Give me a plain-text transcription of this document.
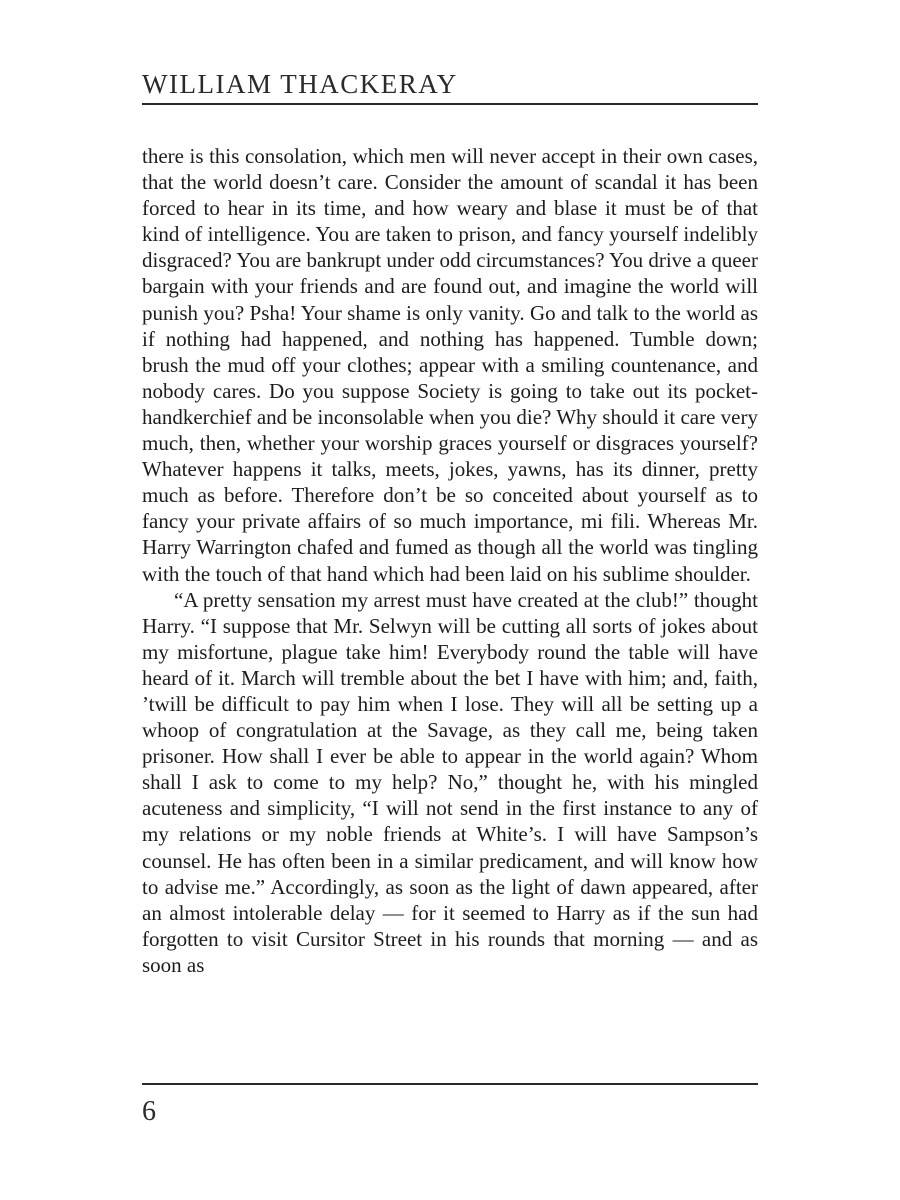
WILLIAM THACKERAY

there is this consolation, which men will never accept in their own cases, that the world doesn’t care. Consider the amount of scandal it has been forced to hear in its time, and how weary and blase it must be of that kind of intelligence. You are taken to prison, and fancy yourself indelibly disgraced? You are bankrupt under odd circumstances? You drive a queer bargain with your friends and are found out, and imagine the world will punish you? Psha! Your shame is only vanity. Go and talk to the world as if nothing had happened, and nothing has happened. Tumble down; brush the mud off your clothes; appear with a smiling countenance, and nobody cares. Do you suppose Society is going to take out its pocket-handkerchief and be inconsolable when you die? Why should it care very much, then, whether your worship graces yourself or disgraces yourself? Whatever happens it talks, meets, jokes, yawns, has its dinner, pretty much as before. Therefore don’t be so conceited about yourself as to fancy your private affairs of so much importance, mi fili. Whereas Mr. Harry Warrington chafed and fumed as though all the world was tingling with the touch of that hand which had been laid on his sublime shoulder.

“A pretty sensation my arrest must have created at the club!” thought Harry. “I suppose that Mr. Selwyn will be cutting all sorts of jokes about my misfortune, plague take him! Everybody round the table will have heard of it. March will tremble about the bet I have with him; and, faith, ’twill be difficult to pay him when I lose. They will all be setting up a whoop of congratulation at the Savage, as they call me, being taken prisoner. How shall I ever be able to appear in the world again? Whom shall I ask to come to my help? No,” thought he, with his mingled acuteness and simplicity, “I will not send in the first instance to any of my relations or my noble friends at White’s. I will have Sampson’s counsel. He has often been in a similar predicament, and will know how to advise me.” Accordingly, as soon as the light of dawn appeared, after an almost intolerable delay — for it seemed to Harry as if the sun had forgotten to visit Cursitor Street in his rounds that morning — and as soon as

6
